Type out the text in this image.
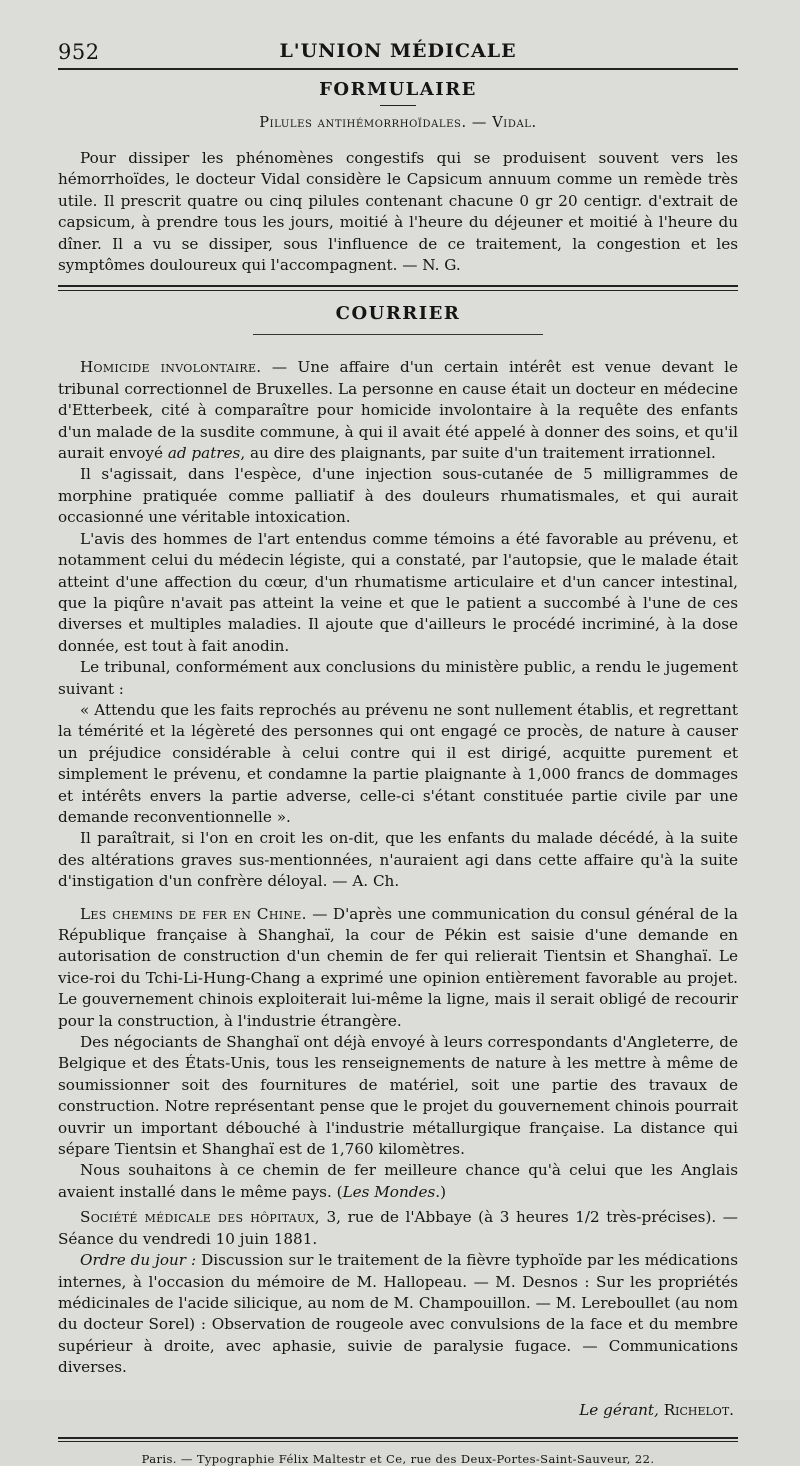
952	L'UNION MÉDICALE
FORMULAIRE
Pilules antihémorrhoïdales. — Vidal.

Pour dissiper les phénomènes congestifs qui se produisent souvent vers les hémorrhoïdes, le docteur Vidal considère le Capsicum annuum comme un remède très utile. Il prescrit quatre ou cinq pilules contenant chacune 0 gr 20 centigr. d'extrait de capsicum, à prendre tous les jours, moitié à l'heure du déjeuner et moitié à l'heure du dîner. Il a vu se dissiper, sous l'influence de ce traitement, la congestion et les symptômes douloureux qui l'accompagnent. — N. G.

COURRIER

Homicide involontaire. — Une affaire d'un certain intérêt est venue devant le tribunal correctionnel de Bruxelles. La personne en cause était un docteur en médecine d'Etterbeek, cité à comparaître pour homicide involontaire à la requête des enfants d'un malade de la susdite commune, à qui il avait été appelé à donner des soins, et qu'il aurait envoyé ad patres, au dire des plaignants, par suite d'un traitement irrationnel.

Il s'agissait, dans l'espèce, d'une injection sous-cutanée de 5 milligrammes de morphine pratiquée comme palliatif à des douleurs rhumatismales, et qui aurait occasionné une véritable intoxication.

L'avis des hommes de l'art entendus comme témoins a été favorable au prévenu, et notamment celui du médecin légiste, qui a constaté, par l'autopsie, que le malade était atteint d'une affection du cœur, d'un rhumatisme articulaire et d'un cancer intestinal, que la piqûre n'avait pas atteint la veine et que le patient a succombé à l'une de ces diverses et multiples maladies. Il ajoute que d'ailleurs le procédé incriminé, à la dose donnée, est tout à fait anodin.

Le tribunal, conformément aux conclusions du ministère public, a rendu le jugement suivant :

« Attendu que les faits reprochés au prévenu ne sont nullement établis, et regrettant la témérité et la légèreté des personnes qui ont engagé ce procès, de nature à causer un préjudice considérable à celui contre qui il est dirigé, acquitte purement et simplement le prévenu, et condamne la partie plaignante à 1,000 francs de dommages et intérêts envers la partie adverse, celle-ci s'étant constituée partie civile par une demande reconventionnelle ».

Il paraîtrait, si l'on en croit les on-dit, que les enfants du malade décédé, à la suite des altérations graves sus-mentionnées, n'auraient agi dans cette affaire qu'à la suite d'instigation d'un confrère déloyal. — A. Ch.

Les chemins de fer en Chine. — D'après une communication du consul général de la République française à Shanghaï, la cour de Pékin est saisie d'une demande en autorisation de construction d'un chemin de fer qui relierait Tientsin et Shanghaï. Le vice-roi du Tchi-Li-Hung-Chang a exprimé une opinion entièrement favorable au projet. Le gouvernement chinois exploiterait lui-même la ligne, mais il serait obligé de recourir pour la construction, à l'industrie étrangère.

Des négociants de Shanghaï ont déjà envoyé à leurs correspondants d'Angleterre, de Belgique et des États-Unis, tous les renseignements de nature à les mettre à même de soumissionner soit des fournitures de matériel, soit une partie des travaux de construction. Notre représentant pense que le projet du gouvernement chinois pourrait ouvrir un important débouché à l'industrie métallurgique française. La distance qui sépare Tientsin et Shanghaï est de 1,760 kilomètres.

Nous souhaitons à ce chemin de fer meilleure chance qu'à celui que les Anglais avaient installé dans le même pays. (Les Mondes.)

Société médicale des hôpitaux, 3, rue de l'Abbaye (à 3 heures 1/2 très-précises). — Séance du vendredi 10 juin 1881.

Ordre du jour : Discussion sur le traitement de la fièvre typhoïde par les médications internes, à l'occasion du mémoire de M. Hallopeau. — M. Desnos : Sur les propriétés médicinales de l'acide silicique, au nom de M. Champouillon. — M. Lereboullet (au nom du docteur Sorel) : Observation de rougeole avec convulsions de la face et du membre supérieur à droite, avec aphasie, suivie de paralysie fugace. — Communications diverses.

Le gérant, Richelot.
Paris. — Typographie Félix Maltestr et Ce, rue des Deux-Portes-Saint-Sauveur, 22.
